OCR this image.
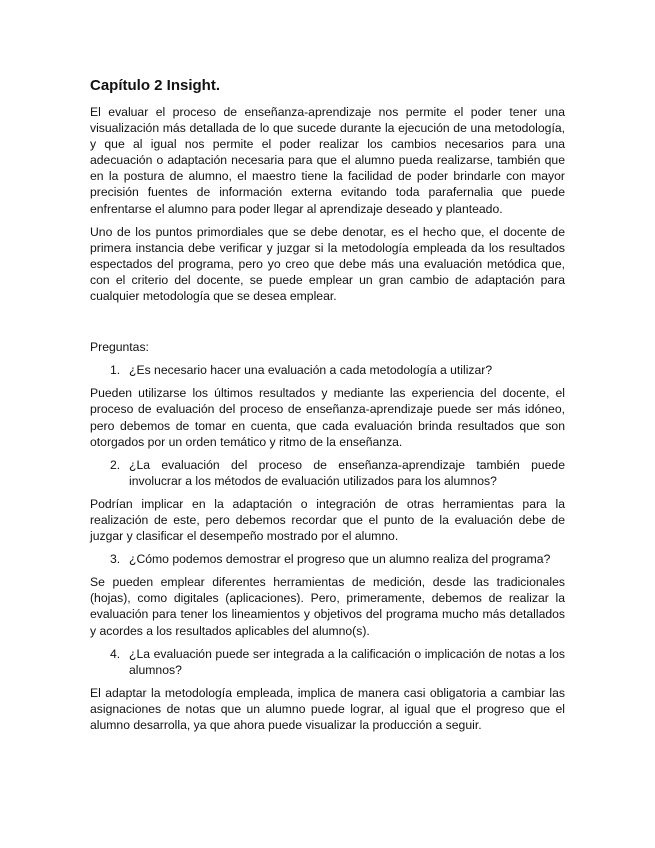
Capítulo 2 Insight.

El evaluar el proceso de enseñanza-aprendizaje nos permite el poder tener una visualización más detallada de lo que sucede durante la ejecución de una metodología, y que al igual nos permite el poder realizar los cambios necesarios para una adecuación o adaptación necesaria para que el alumno pueda realizarse, también que en la postura de alumno, el maestro tiene la facilidad de poder brindarle con mayor precisión fuentes de información externa evitando toda parafernalia que puede enfrentarse el alumno para poder llegar al aprendizaje deseado y planteado.

Uno de los puntos primordiales que se debe denotar, es el hecho que, el docente de primera instancia debe verificar y juzgar si la metodología empleada da los resultados espectados del programa, pero yo creo que debe más una evaluación metódica que, con el criterio del docente, se puede emplear un gran cambio de adaptación para cualquier metodología que se desea emplear.

Preguntas:

1. ¿Es necesario hacer una evaluación a cada metodología a utilizar?

Pueden utilizarse los últimos resultados y mediante las experiencia del docente, el proceso de evaluación del proceso de enseñanza-aprendizaje puede ser más idóneo, pero debemos de tomar en cuenta, que cada evaluación brinda resultados que son otorgados por un orden temático y ritmo de la enseñanza.

2. ¿La evaluación del proceso de enseñanza-aprendizaje también puede involucrar a los métodos de evaluación utilizados para los alumnos?

Podrían implicar en la adaptación o integración de otras herramientas para la realización de este, pero debemos recordar que el punto de la evaluación debe de juzgar y clasificar el desempeño mostrado por el alumno.

3. ¿Cómo podemos demostrar el progreso que un alumno realiza del programa?

Se pueden emplear diferentes herramientas de medición, desde las tradicionales (hojas), como digitales (aplicaciones). Pero, primeramente, debemos de realizar la evaluación para tener los lineamientos y objetivos del programa mucho más detallados y acordes a los resultados aplicables del alumno(s).

4. ¿La evaluación puede ser integrada a la calificación o implicación de notas a los alumnos?

El adaptar la metodología empleada, implica de manera casi obligatoria a cambiar las asignaciones de notas que un alumno puede lograr, al igual que el progreso que el alumno desarrolla, ya que ahora puede visualizar la producción a seguir.
